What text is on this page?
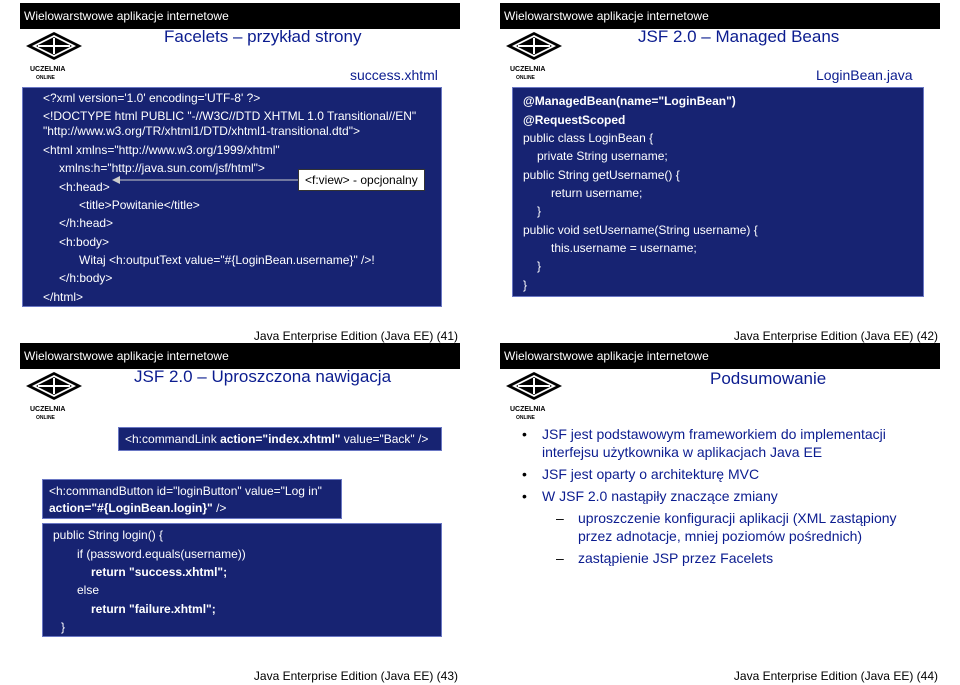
Wielowarstwowe aplikacje internetowe
UCZELNIA
ONLINE
Facelets – przykład strony
success.xhtml
<?xml version='1.0' encoding='UTF-8' ?>
<!DOCTYPE html PUBLIC "-//W3C//DTD XHTML 1.0 Transitional//EN"
"http://www.w3.org/TR/xhtml1/DTD/xhtml1-transitional.dtd">
<html xmlns="http://www.w3.org/1999/xhtml"
xmlns:h="http://java.sun.com/jsf/html">
<h:head>
<title>Powitanie</title>
</h:head>
<h:body>
Witaj <h:outputText value="#{LoginBean.username}" />!
</h:body>
</html>
<f:view> - opcjonalny
Java Enterprise Edition (Java EE) (41)
Wielowarstwowe aplikacje internetowe
UCZELNIA
ONLINE
JSF 2.0 – Managed Beans
LoginBean.java
@ManagedBean(name="LoginBean")
@RequestScoped
public class LoginBean {
private String username;
public String getUsername() {
return username;
}
public void setUsername(String username) {
this.username = username;
}
}
Java Enterprise Edition (Java EE) (42)
Wielowarstwowe aplikacje internetowe
UCZELNIA
ONLINE
JSF 2.0 – Uproszczona nawigacja
<h:commandLink action="index.xhtml" value="Back" />
<h:commandButton id="loginButton" value="Log in"
action="#{LoginBean.login}" />
public String login() {
if (password.equals(username))
return "success.xhtml";
else
return "failure.xhtml";
}
Java Enterprise Edition (Java EE) (43)
Wielowarstwowe aplikacje internetowe
UCZELNIA
ONLINE
Podsumowanie
• JSF jest podstawowym frameworkiem do implementacji interfejsu użytkownika w aplikacjach Java EE
• JSF jest oparty o architekturę MVC
• W JSF 2.0 nastąpiły znaczące zmiany
– uproszczenie konfiguracji aplikacji (XML zastąpiony przez adnotacje, mniej poziomów pośrednich)
– zastąpienie JSP przez Facelets
Java Enterprise Edition (Java EE) (44)
